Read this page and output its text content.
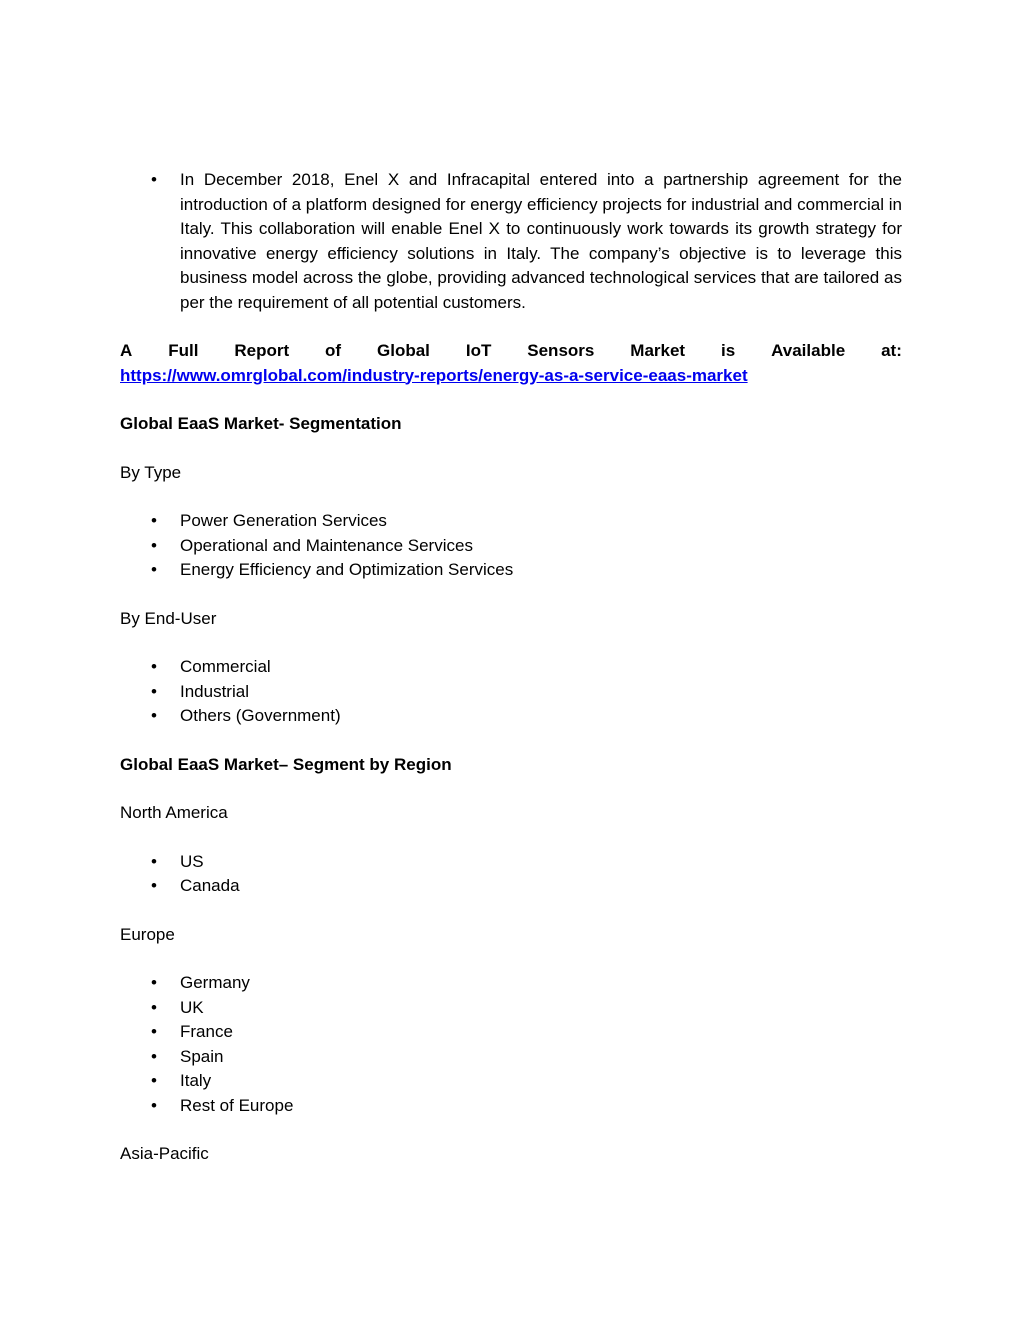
• In December 2018, Enel X and Infracapital entered into a partnership agreement for the introduction of a platform designed for energy efficiency projects for industrial and commercial in Italy. This collaboration will enable Enel X to continuously work towards its growth strategy for innovative energy efficiency solutions in Italy. The company’s objective is to leverage this business model across the globe, providing advanced technological services that are tailored as per the requirement of all potential customers.
A Full Report of Global IoT Sensors Market is Available at:
https://www.omrglobal.com/industry-reports/energy-as-a-service-eaas-market
Global EaaS Market- Segmentation
By Type
• Power Generation Services
• Operational and Maintenance Services
• Energy Efficiency and Optimization Services
By End-User
• Commercial
• Industrial
• Others (Government)
Global EaaS Market– Segment by Region
North America
• US
• Canada
Europe
• Germany
• UK
• France
• Spain
• Italy
• Rest of Europe
Asia-Pacific
